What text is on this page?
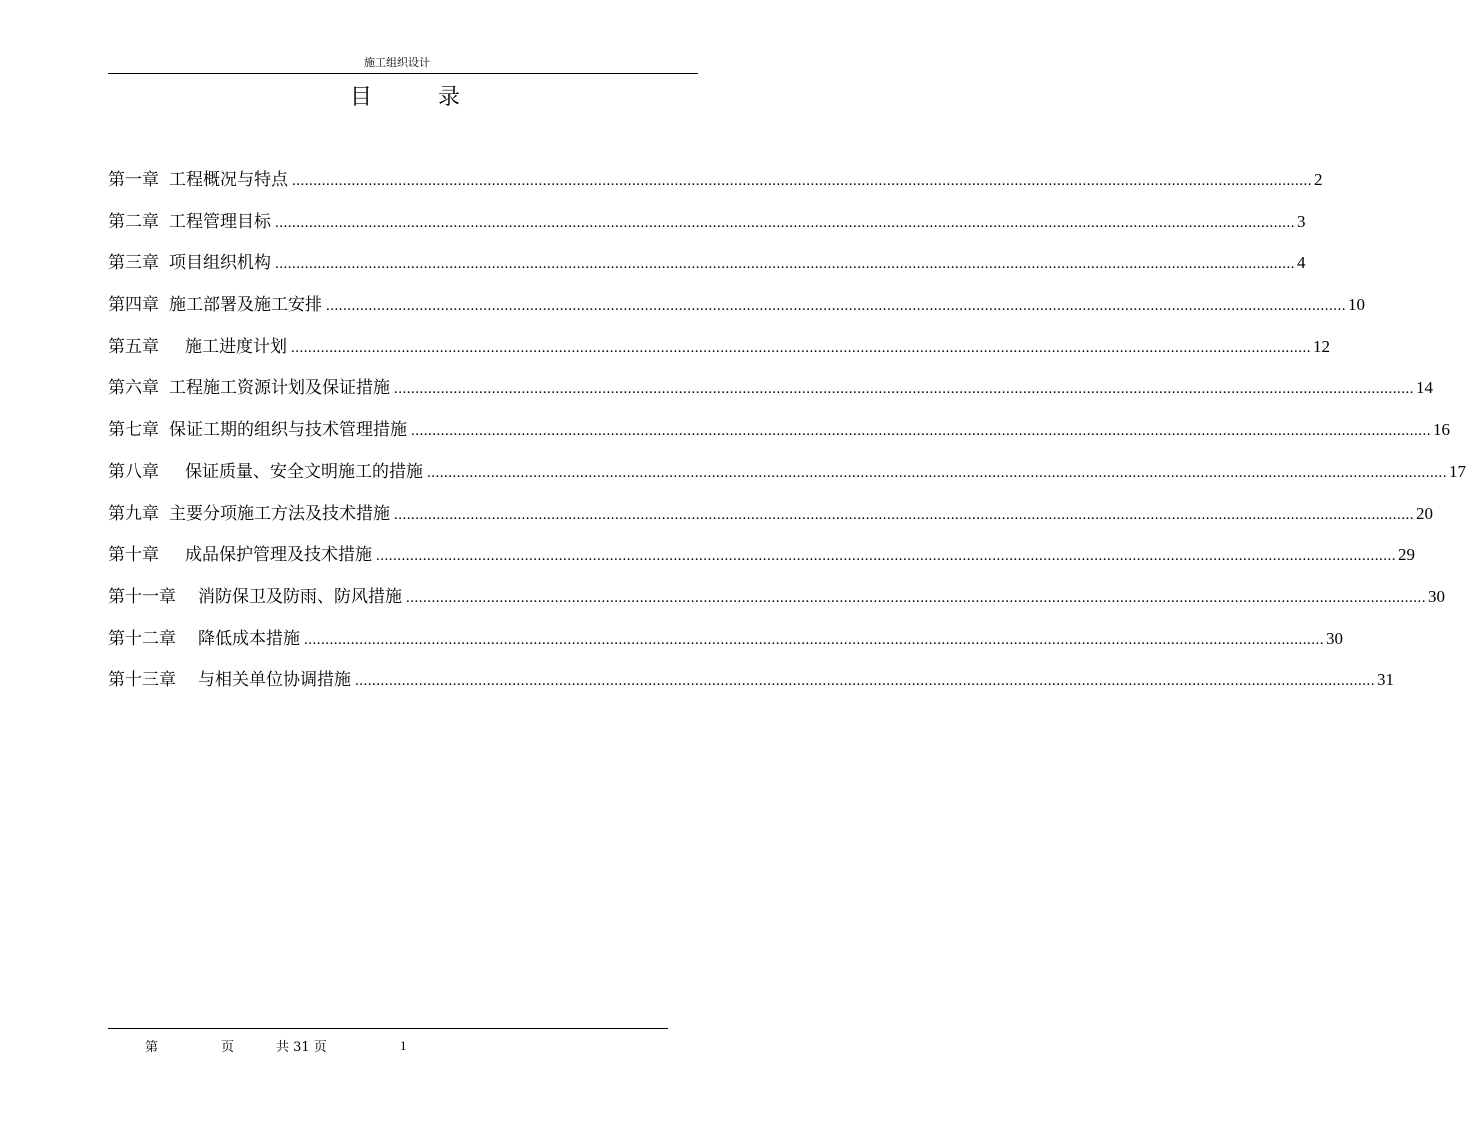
施工组织设计
目	录
第一章 工程概况与特点 ................................................................................................................................................................................................................................................ 2
第二章 工程管理目标 ................................................................................................................................................................................................................................................ 3
第三章 项目组织机构 ................................................................................................................................................................................................................................................ 4
第四章 施工部署及施工安排 ................................................................................................................................................................................................................................................ 10
第五章 施工进度计划 ................................................................................................................................................................................................................................................ 12
第六章 工程施工资源计划及保证措施 ................................................................................................................................................................................................................................................ 14
第七章 保证工期的组织与技术管理措施 ................................................................................................................................................................................................................................................ 16
第八章 保证质量、安全文明施工的措施 ................................................................................................................................................................................................................................................ 17
第九章 主要分项施工方法及技术措施 ................................................................................................................................................................................................................................................ 20
第十章 成品保护管理及技术措施 ................................................................................................................................................................................................................................................ 29
第十一章 消防保卫及防雨、防风措施 ................................................................................................................................................................................................................................................ 30
第十二章 降低成本措施 ................................................................................................................................................................................................................................................ 30
第十三章 与相关单位协调措施 ................................................................................................................................................................................................................................................ 31
第	页	共 31 页	1
